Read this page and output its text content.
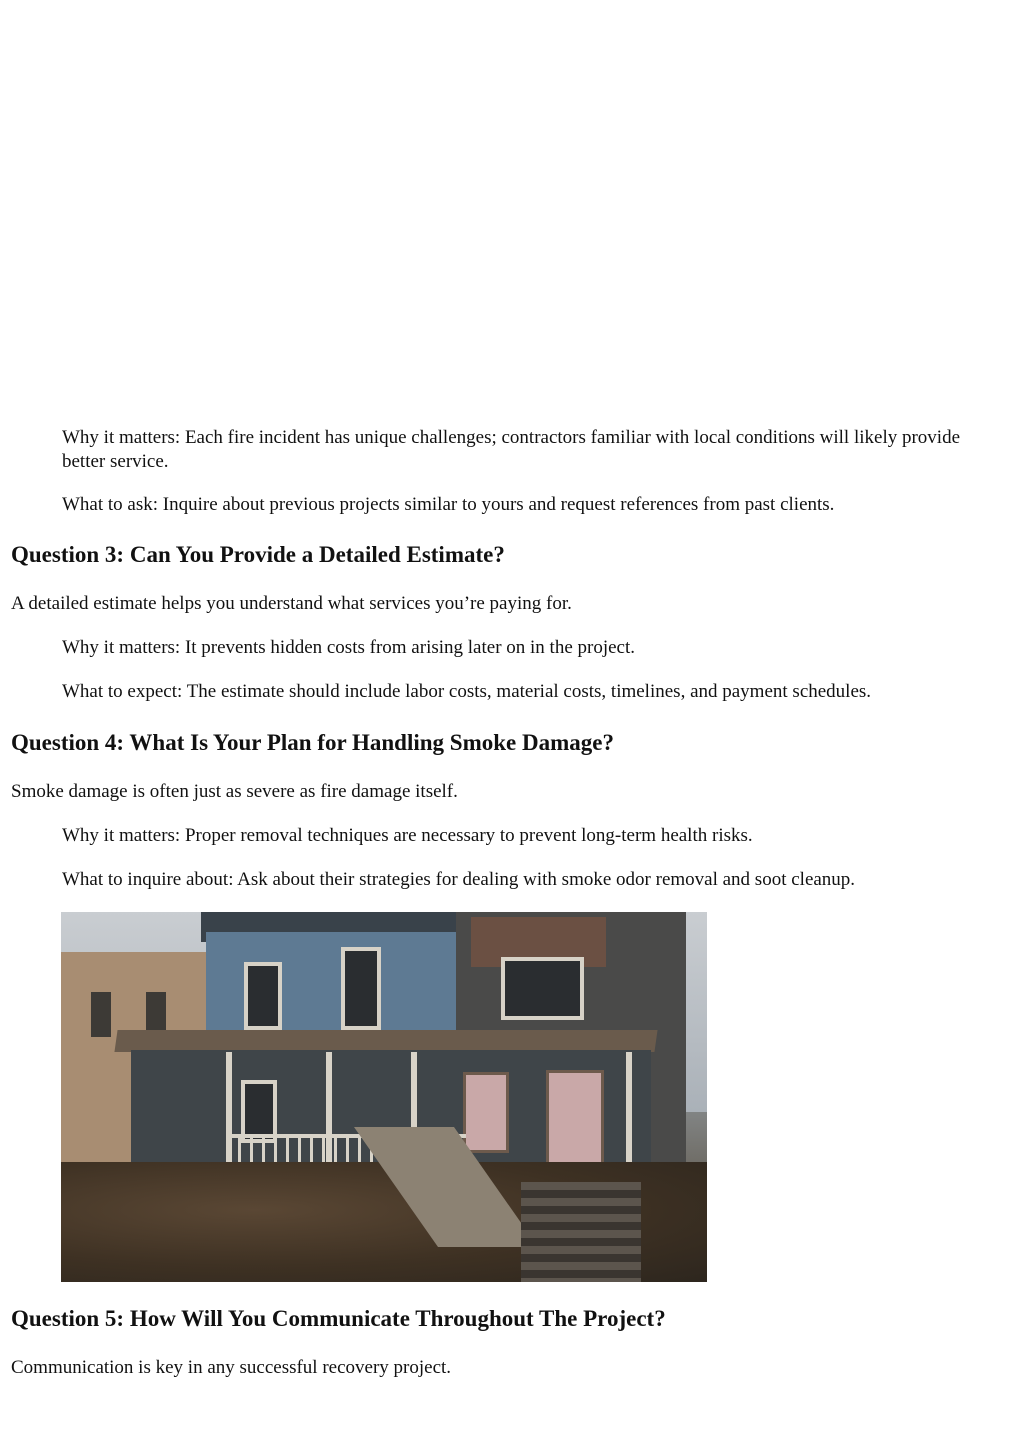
Why it matters: Each fire incident has unique challenges; contractors familiar with local conditions will likely provide better service.

What to ask: Inquire about previous projects similar to yours and request references from past clients.

Question 3: Can You Provide a Detailed Estimate?

A detailed estimate helps you understand what services you’re paying for.

Why it matters: It prevents hidden costs from arising later on in the project.

What to expect: The estimate should include labor costs, material costs, timelines, and payment schedules.

Question 4: What Is Your Plan for Handling Smoke Damage?

Smoke damage is often just as severe as fire damage itself.

Why it matters: Proper removal techniques are necessary to prevent long-term health risks.

What to inquire about: Ask about their strategies for dealing with smoke odor removal and soot cleanup.

Question 5: How Will You Communicate Throughout The Project?

Communication is key in any successful recovery project.
